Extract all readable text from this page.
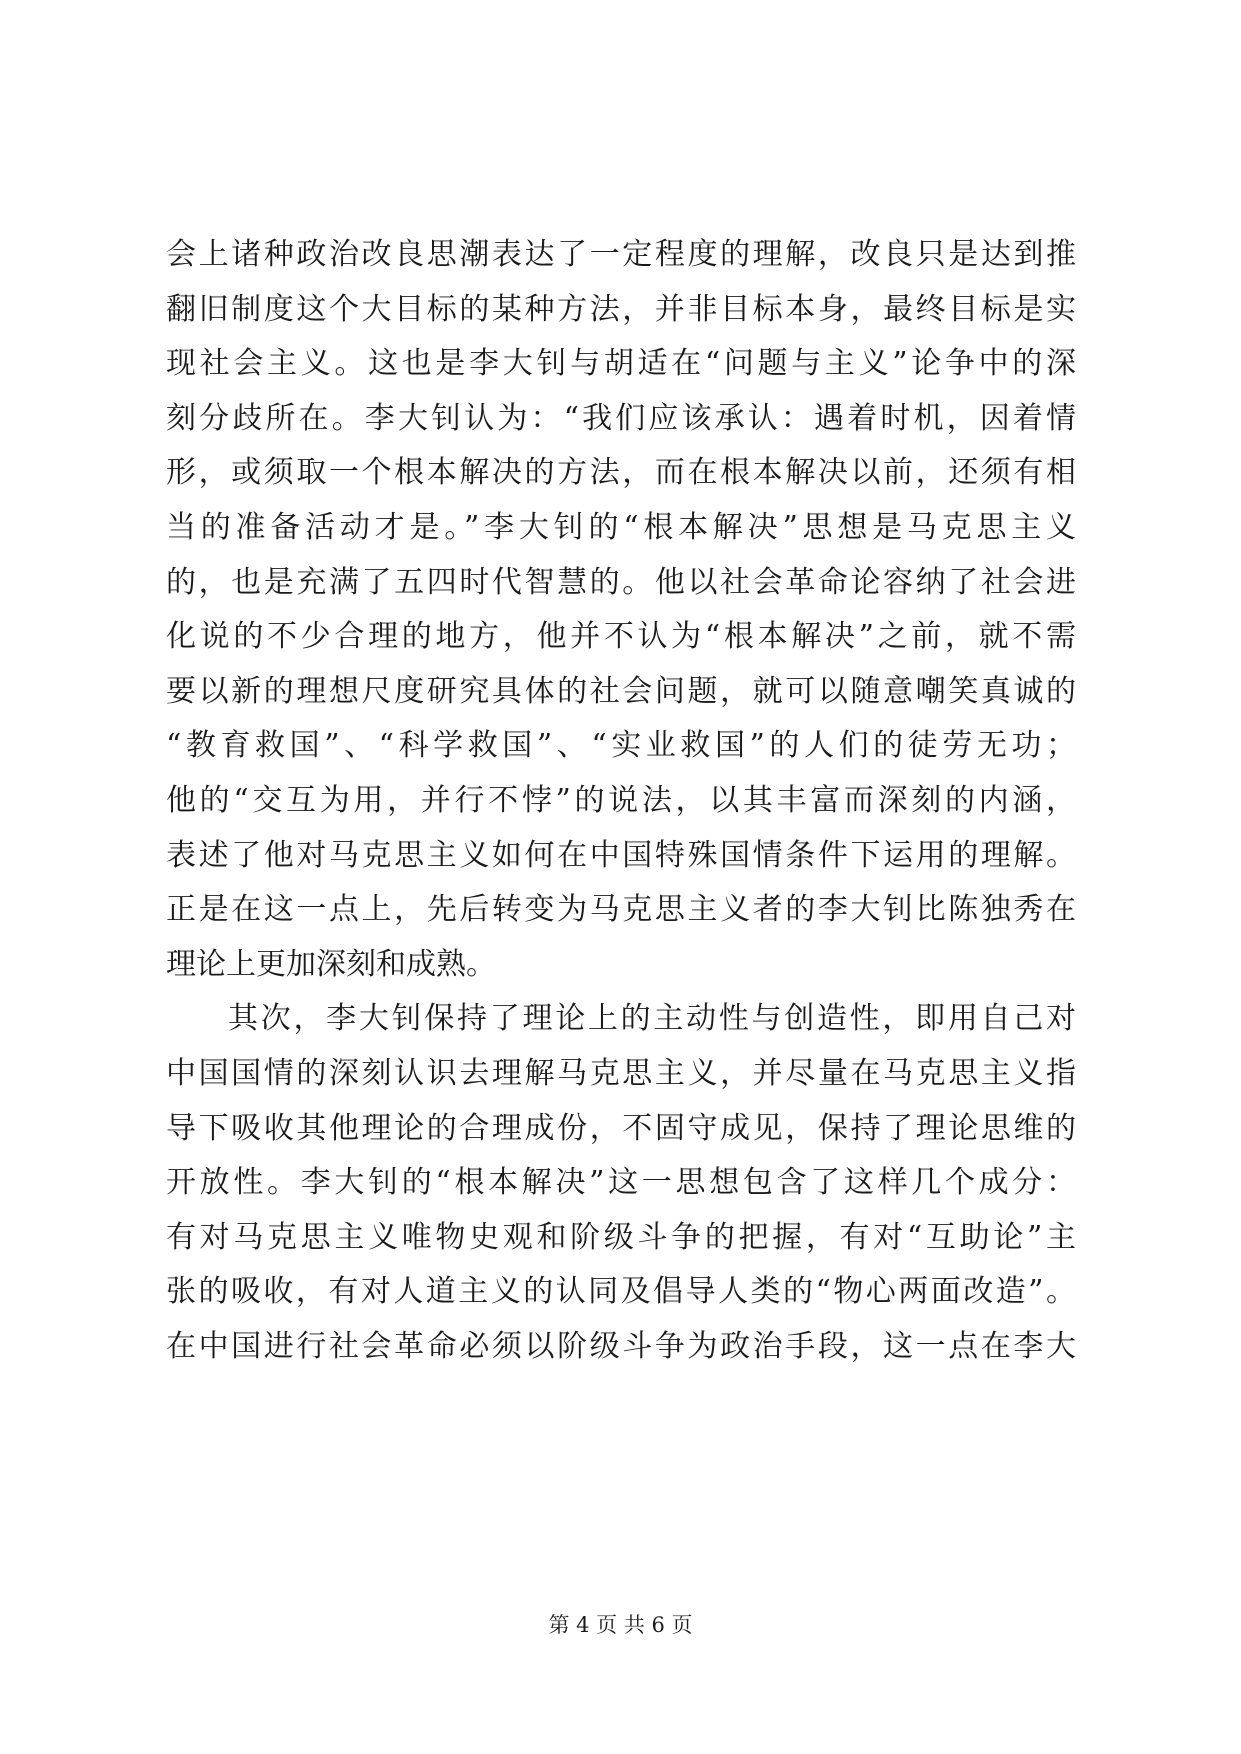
会上诸种政治改良思潮表达了一定程度的理解，改良只是达到推
翻旧制度这个大目标的某种方法，并非目标本身，最终目标是实
现社会主义。这也是李大钊与胡适在“问题与主义”论争中的深
刻分歧所在。李大钊认为：“我们应该承认：遇着时机，因着情
形，或须取一个根本解决的方法，而在根本解决以前，还须有相
当的准备活动才是。”李大钊的“根本解决”思想是马克思主义
的，也是充满了五四时代智慧的。他以社会革命论容纳了社会进
化说的不少合理的地方，他并不认为“根本解决”之前，就不需
要以新的理想尺度研究具体的社会问题，就可以随意嘲笑真诚的
“教育救国”、“科学救国”、“实业救国”的人们的徒劳无功；
他的“交互为用，并行不悖”的说法，以其丰富而深刻的内涵，
表述了他对马克思主义如何在中国特殊国情条件下运用的理解。
正是在这一点上，先后转变为马克思主义者的李大钊比陈独秀在
理论上更加深刻和成熟。
其次，李大钊保持了理论上的主动性与创造性，即用自己对
中国国情的深刻认识去理解马克思主义，并尽量在马克思主义指
导下吸收其他理论的合理成份，不固守成见，保持了理论思维的
开放性。李大钊的“根本解决”这一思想包含了这样几个成分：
有对马克思主义唯物史观和阶级斗争的把握，有对“互助论”主
张的吸收，有对人道主义的认同及倡导人类的“物心两面改造”。
在中国进行社会革命必须以阶级斗争为政治手段，这一点在李大
第 4 页 共 6 页
